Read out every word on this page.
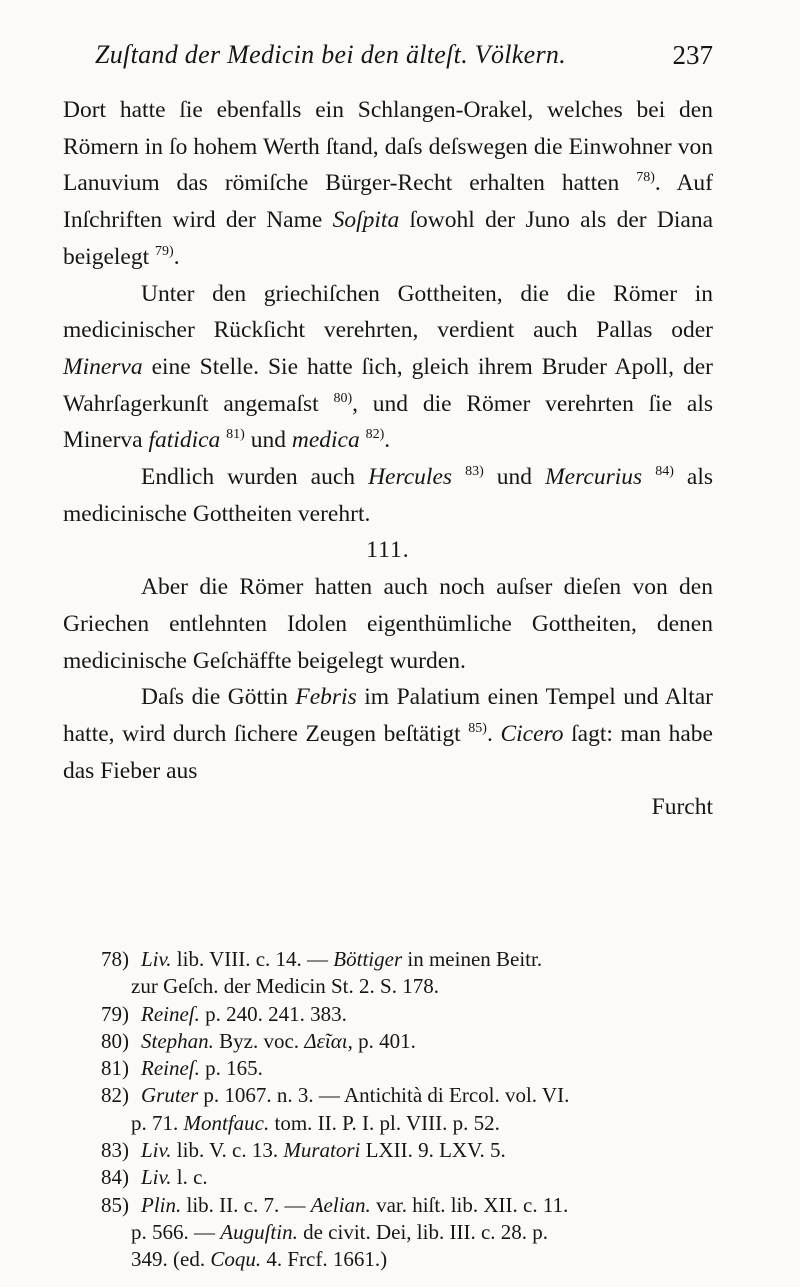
Zuſtand der Medicin bei den älteſt. Völkern.	237

Dort hatte ſie ebenfalls ein Schlangen-Orakel, welches bei den Römern in ſo hohem Werth ſtand, daſs deſswegen die Einwohner von Lanuvium das römiſche Bürger-Recht erhalten hatten $^{78)}$. Auf Inſchriften wird der Name Soſpita ſowohl der Juno als der Diana beigelegt $^{79)}$.

Unter den griechiſchen Gottheiten, die die Römer in medicinischer Rückſicht verehrten, verdient auch Pallas oder Minerva eine Stelle. Sie hatte ſich, gleich ihrem Bruder Apoll, der Wahrſagerkunſt angemaſst $^{80)}$, und die Römer verehrten ſie als Minerva fatidica $^{81)}$ und medica $^{82)}$.

Endlich wurden auch Hercules $^{83)}$ und Mercurius $^{84)}$ als medicinische Gottheiten verehrt.

111.

Aber die Römer hatten auch noch auſser dieſen von den Griechen entlehnten Idolen eigenthümliche Gottheiten, denen medicinische Geſchäffte beigelegt wurden.

Daſs die Göttin Febris im Palatium einen Tempel und Altar hatte, wird durch ſichere Zeugen beſtätigt $^{85)}$. Cicero ſagt: man habe das Fieber aus

Furcht

78) Liv. lib. VIII. c. 14. — Böttiger in meinen Beitr.

zur Geſch. der Medicin St. 2. S. 178.

79) Reineſ. p. 240. 241. 383.

80) Stephan. Byz. voc. Δεῖαι, p. 401.

81) Reineſ. p. 165.

82) Gruter p. 1067. n. 3. — Antichità di Ercol. vol. VI.

p. 71. Montfauc. tom. II. P. I. pl. VIII. p. 52.

83) Liv. lib. V. c. 13. Muratori LXII. 9. LXV. 5.

84) Liv. l. c.

85) Plin. lib. II. c. 7. — Aelian. var. hiſt. lib. XII. c. 11.

p. 566. — Auguſtin. de civit. Dei, lib. III. c. 28. p.

349. (ed. Coqu. 4. Frcf. 1661.)
